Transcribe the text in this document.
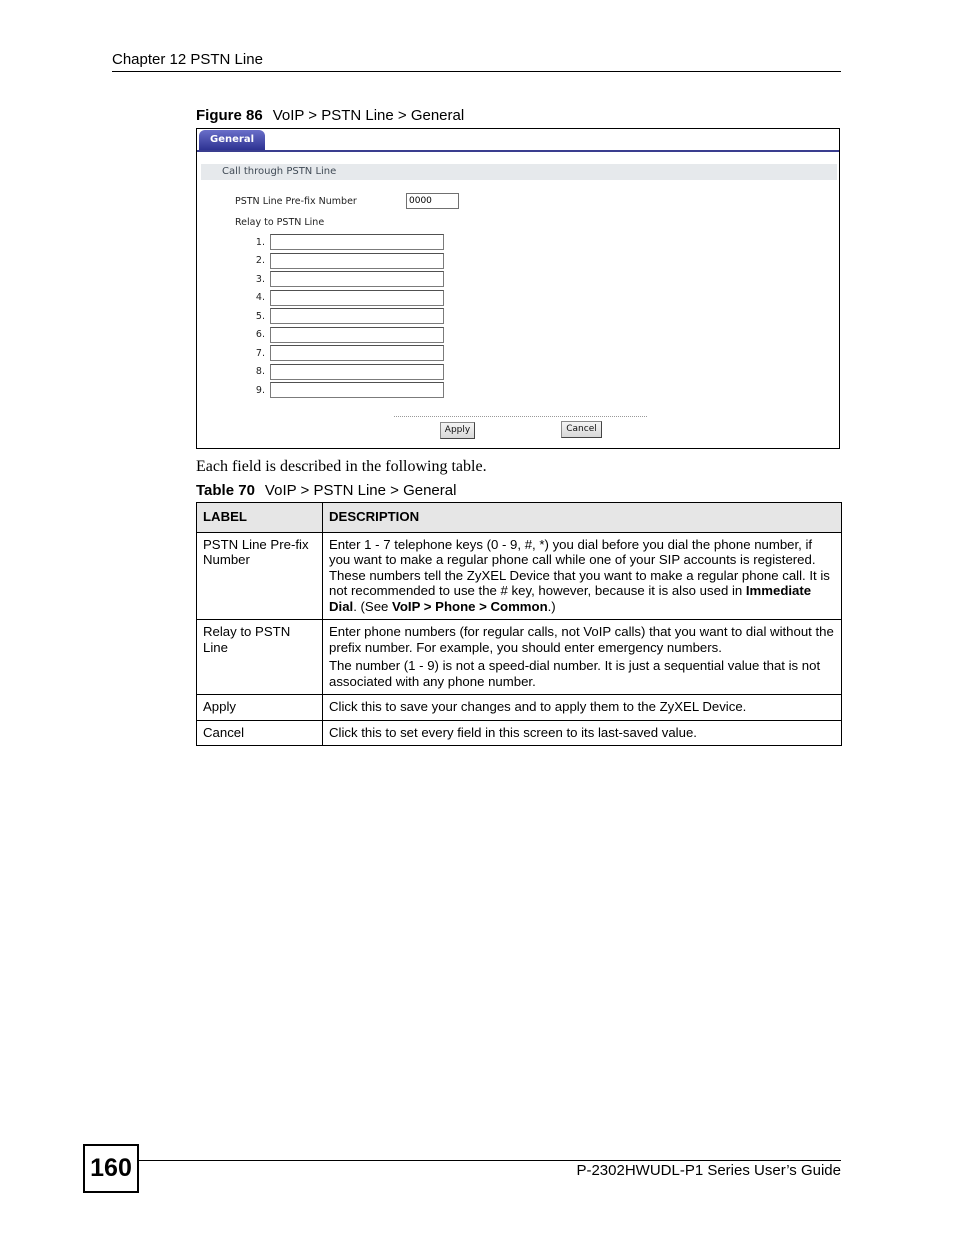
Chapter 12 PSTN Line
Figure 86 VoIP > PSTN Line > General
General
Call through PSTN Line
PSTN Line Pre-fix Number	0000
Relay to PSTN Line
1.
2.
3.
4.
5.
6.
7.
8.
9.
Apply	Cancel
Each field is described in the following table.
Table 70 VoIP > PSTN Line > General
LABEL	DESCRIPTION
PSTN Line Pre-fix Number	Enter 1 - 7 telephone keys (0 - 9, #, *) you dial before you dial the phone number, if you want to make a regular phone call while one of your SIP accounts is registered. These numbers tell the ZyXEL Device that you want to make a regular phone call. It is not recommended to use the # key, however, because it is also used in Immediate Dial. (See VoIP > Phone > Common.)
Relay to PSTN Line	Enter phone numbers (for regular calls, not VoIP calls) that you want to dial without the prefix number. For example, you should enter emergency numbers.

The number (1 - 9) is not a speed-dial number. It is just a sequential value that is not associated with any phone number.

Apply	Click this to save your changes and to apply them to the ZyXEL Device.
Cancel	Click this to set every field in this screen to its last-saved value.
160	P-2302HWUDL-P1 Series User’s Guide
